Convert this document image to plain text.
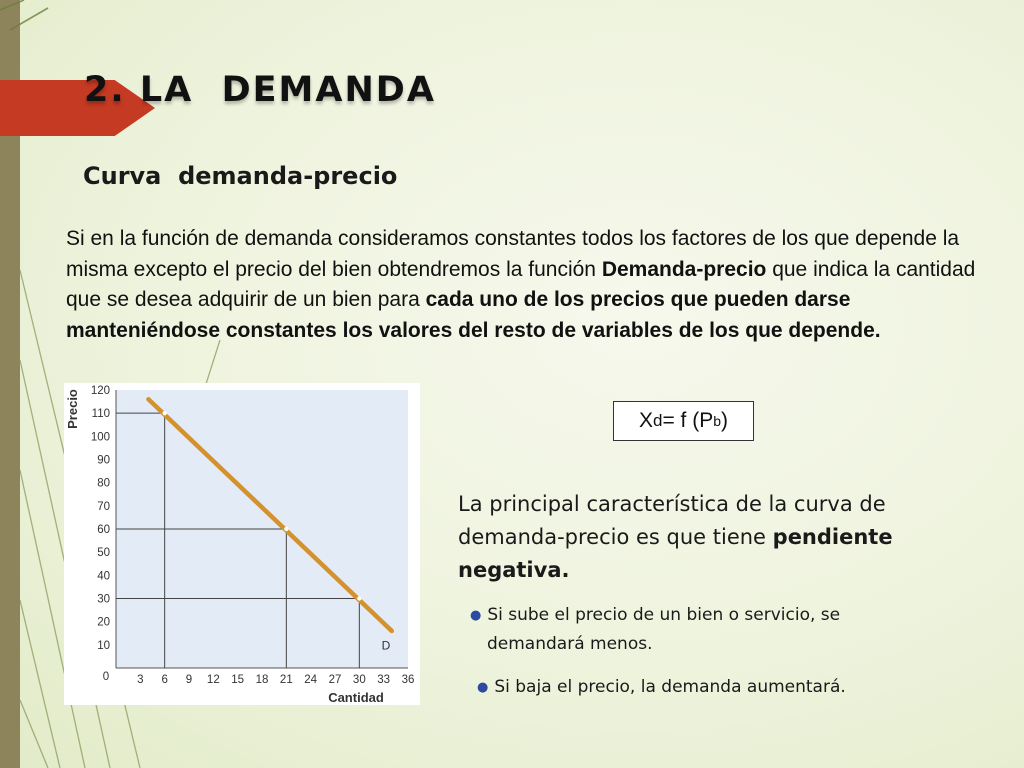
2. LA  DEMANDA
Curva  demanda-precio
Si en la función de demanda consideramos constantes todos los factores de los que depende la misma excepto el precio del bien obtendremos la función Demanda-precio que indica la cantidad que se desea adquirir de un bien para cada uno de los precios que pueden darse manteniéndose constantes los valores del resto de variables de los que depende.
10
20
30
40
50
60
70
80
90
100
110
120
0 3 6 9 12 15 18 21 24 27 30 33 36
Cantidad
Precio
D
X d = f (P b )
La principal característica de la curva de demanda-precio es que tiene pendiente negativa.
● Si sube el precio de un bien o servicio, se
demandará menos.
● Si baja el precio, la demanda aumentará.
